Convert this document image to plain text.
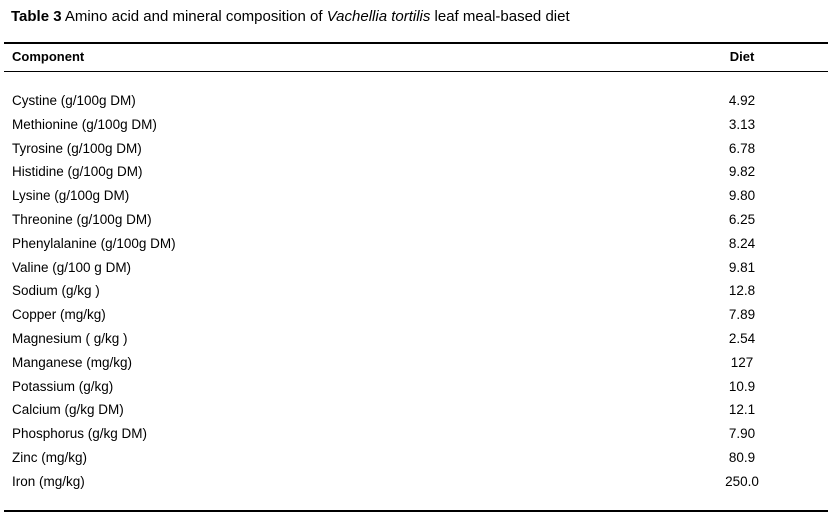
Table 3 Amino acid and mineral composition of Vachellia tortilis leaf meal-based diet
Component	Diet
Cystine (g/100g DM)	4.92
Methionine (g/100g DM)	3.13
Tyrosine (g/100g DM)	6.78
Histidine (g/100g DM)	9.82
Lysine (g/100g DM)	9.80
Threonine (g/100g DM)	6.25
Phenylalanine (g/100g DM)	8.24
Valine (g/100 g DM)	9.81
Sodium (g/kg )	12.8
Copper (mg/kg)	7.89
Magnesium ( g/kg )	2.54
Manganese (mg/kg)	127
Potassium (g/kg)	10.9
Calcium (g/kg DM)	12.1
Phosphorus (g/kg DM)	7.90
Zinc (mg/kg)	80.9
Iron (mg/kg)	250.0
